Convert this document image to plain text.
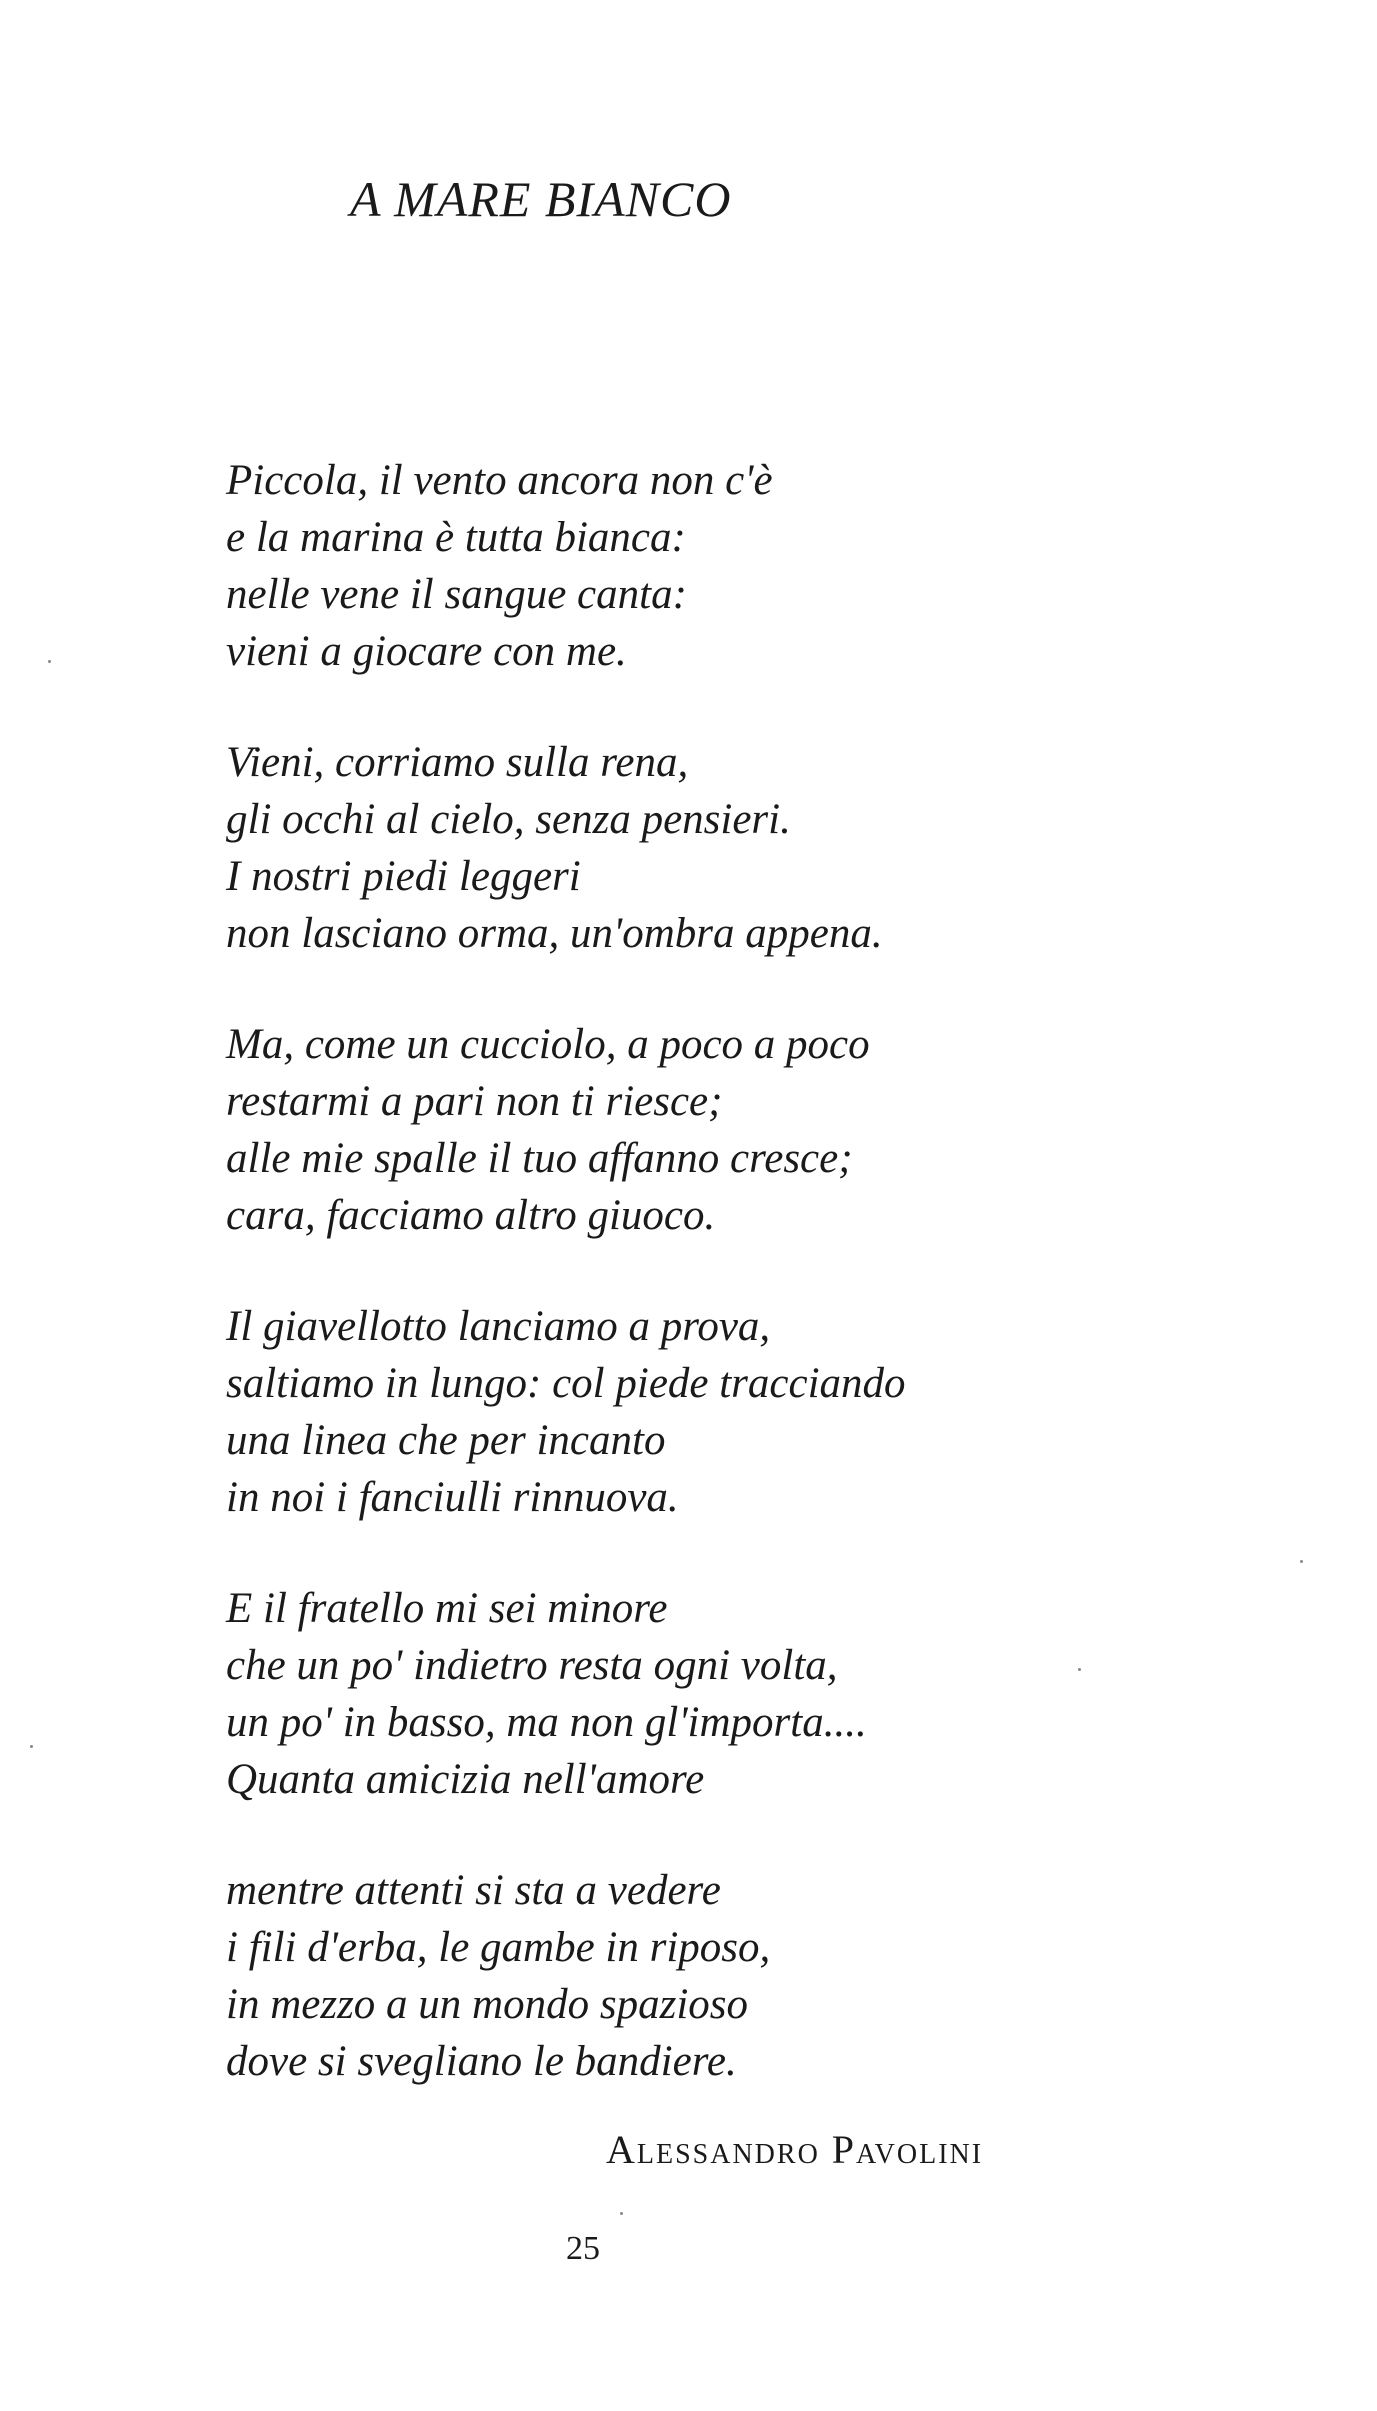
A MARE BIANCO
Piccola, il vento ancora non c'è
e la marina è tutta bianca:
nelle vene il sangue canta:
vieni a giocare con me.
Vieni, corriamo sulla rena,
gli occhi al cielo, senza pensieri.
I nostri piedi leggeri
non lasciano orma, un'ombra appena.
Ma, come un cucciolo, a poco a poco
restarmi a pari non ti riesce;
alle mie spalle il tuo affanno cresce;
cara, facciamo altro giuoco.
Il giavellotto lanciamo a prova,
saltiamo in lungo: col piede tracciando
una linea che per incanto
in noi i fanciulli rinnuova.
E il fratello mi sei minore
che un po' indietro resta ogni volta,
un po' in basso, ma non gl'importa....
Quanta amicizia nell'amore
mentre attenti si sta a vedere
i fili d'erba, le gambe in riposo,
in mezzo a un mondo spazioso
dove si svegliano le bandiere.
Alessandro Pavolini
25
